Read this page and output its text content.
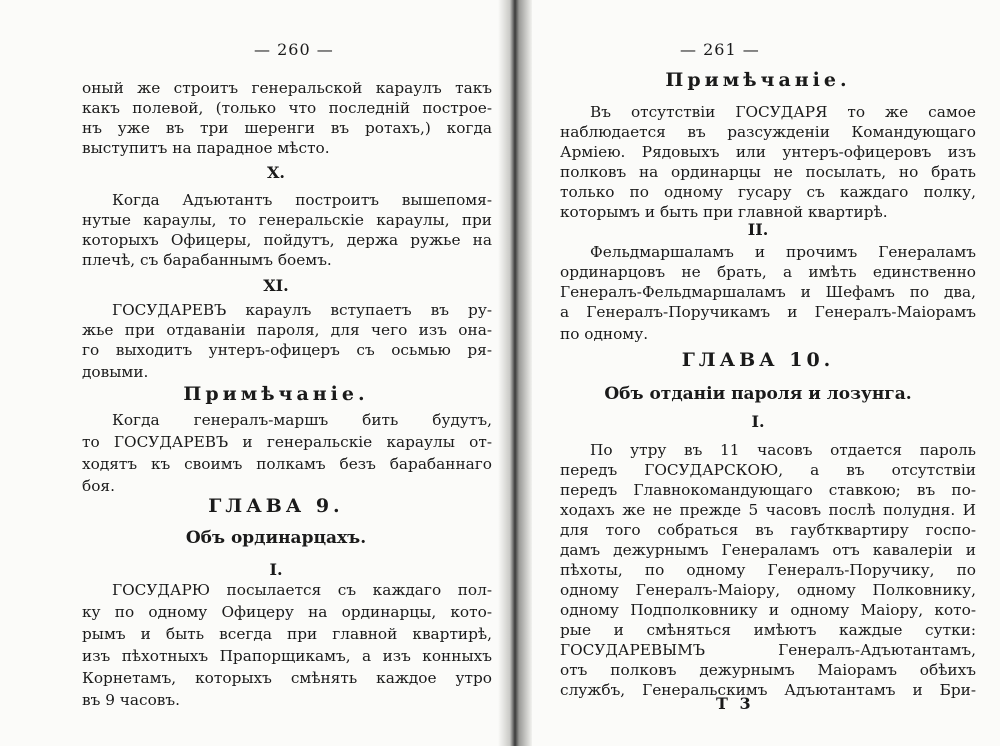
— 260 —
оный же строитъ генеральской карaулъ такъ
какъ полевой, (только что последній построе-
нъ уже въ три шеренги въ ротахъ,) когда
выступитъ на парадное мѣсто.
X.
Когда Адъютантъ построитъ вышепомя-
нутые караулы, то генеральскіе караулы, при
которыхъ Офицеры, пойдутъ, держа ружье на
плечѣ, съ барабаннымъ боемъ.
XI.
ГОСУДАРЕВЪ караулъ вступаетъ въ ру-
жье при отдаваніи пароля, для чего изъ она-
го выходитъ унтеръ-офицеръ съ осьмью ря-
довыми.
Примѣчаніе.
Когда генералъ-маршъ бить будутъ,
то ГОСУДАРЕВЪ и генеральскіе караулы от-
ходятъ къ своимъ полкамъ безъ барабаннаго
боя.
ГЛАВА 9.
Объ ординарцахъ.
I.
ГОСУДАРЮ посылается съ каждаго пол-
ку по одному Офицеру на ординарцы, кото-
рымъ и быть всегда при главной квартирѣ,
изъ пѣхотныхъ Прапорщикамъ, а изъ конныхъ
Корнетамъ, которыхъ смѣнять каждое утро
въ 9 часовъ.
— 261 —
Примѣчаніе.
Въ отсутствіи ГОСУДАРЯ то же самое
наблюдается въ разсужденіи Командующаго
Арміею. Рядовыхъ или унтеръ-офицеровъ изъ
полковъ на ординарцы не посылать, но брать
только по одному гусару съ каждаго полку,
которымъ и быть при главной квартирѣ.
II.
Фельдмаршаламъ и прочимъ Генераламъ
ординарцовъ не брать, а имѣть единственно
Генералъ-Фельдмаршаламъ и Шефамъ по два,
а Генералъ-Поручикамъ и Генералъ-Маіорамъ
по одному.
ГЛАВА 10.
Объ отданіи пароля и лозунга.
I.
По утру въ 11 часовъ отдается пароль
передъ ГОСУДАРСКОЮ, а въ отсутствіи
передъ Главнокомандующаго ставкою; въ по-
ходахъ же не прежде 5 часовъ послѣ полудня. И
для того собраться въ гаубтквартиру госпо-
дамъ дежурнымъ Генераламъ отъ кавалеріи и
пѣхоты, по одному Генералъ-Поручику, по
одному Генералъ-Маіору, одному Полковнику,
одному Подполковнику и одному Маіору, кото-
рые и смѣняться имѣютъ каждые сутки:
ГОСУДАРЕВЫМЪ Генералъ-Адъютантамъ,
отъ полковъ дежурнымъ Маіорамъ обѣихъ
службъ, Генеральскимъ Адъютантамъ и Бри-
Т 3
